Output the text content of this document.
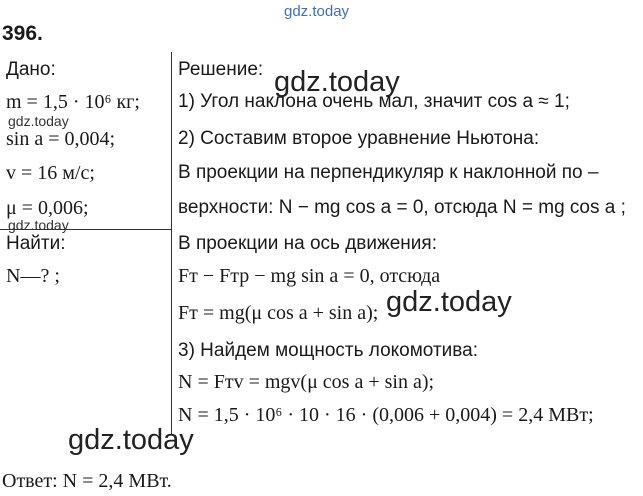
gdz.today
396.
Дано:
m = 1,5 · 10⁶ кг;
gdz.today
sin a = 0,004;
v = 16 м/с;
μ = 0,006;
gdz.today
Найти:
N—? ;
Решение: gdz.today
1) Угол наклона очень мал, значит cos a ≈ 1;
2) Составим второе уравнение Ньютона:
В проекции на перпендикуляр к наклонной по –
верхности: N − mg cos a = 0, отсюда N = mg cos a ;
В проекции на ось движения:
Fт − Fтр − mg sin a = 0, отсюда
gdz.today
Fт = mg(μ cos a + sin a);
3) Найдем мощность локомотива:
N = Fтv = mgv(μ cos a + sin a);
N = 1,5 · 10⁶ · 10 · 16 · (0,006 + 0,004) = 2,4 МВт;
gdz.today
Ответ: N = 2,4 МВт.
